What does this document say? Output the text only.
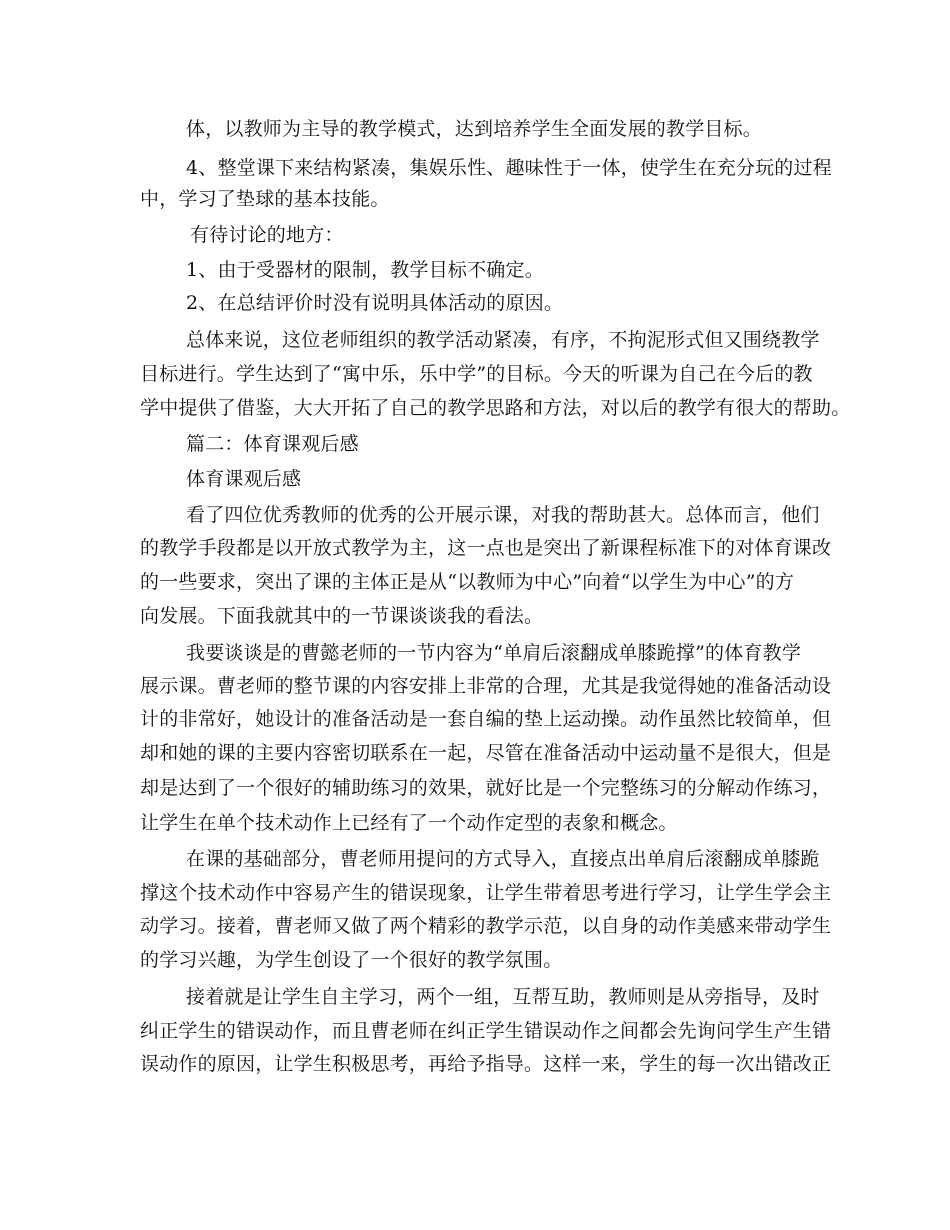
体，以教师为主导的教学模式，达到培养学生全面发展的教学目标。
4、整堂课下来结构紧凑，集娱乐性、趣味性于一体，使学生在充分玩的过程
中，学习了垫球的基本技能。
有待讨论的地方：
1、由于受器材的限制，教学目标不确定。
2、在总结评价时没有说明具体活动的原因。
总体来说，这位老师组织的教学活动紧凑，有序，不拘泥形式但又围绕教学
目标进行。学生达到了“寓中乐，乐中学”的目标。今天的听课为自己在今后的教
学中提供了借鉴，大大开拓了自己的教学思路和方法，对以后的教学有很大的帮助。
篇二：体育课观后感
体育课观后感
看了四位优秀教师的优秀的公开展示课，对我的帮助甚大。总体而言，他们
的教学手段都是以开放式教学为主，这一点也是突出了新课程标准下的对体育课改
的一些要求，突出了课的主体正是从“以教师为中心”向着“以学生为中心”的方
向发展。下面我就其中的一节课谈谈我的看法。
我要谈谈是的曹懿老师的一节内容为“单肩后滚翻成单膝跪撑”的体育教学
展示课。曹老师的整节课的内容安排上非常的合理，尤其是我觉得她的准备活动设
计的非常好，她设计的准备活动是一套自编的垫上运动操。动作虽然比较简单，但
却和她的课的主要内容密切联系在一起，尽管在准备活动中运动量不是很大，但是
却是达到了一个很好的辅助练习的效果，就好比是一个完整练习的分解动作练习，
让学生在单个技术动作上已经有了一个动作定型的表象和概念。
在课的基础部分，曹老师用提问的方式导入，直接点出单肩后滚翻成单膝跪
撑这个技术动作中容易产生的错误现象，让学生带着思考进行学习，让学生学会主
动学习。接着，曹老师又做了两个精彩的教学示范，以自身的动作美感来带动学生
的学习兴趣，为学生创设了一个很好的教学氛围。
接着就是让学生自主学习，两个一组，互帮互助，教师则是从旁指导，及时
纠正学生的错误动作，而且曹老师在纠正学生错误动作之间都会先询问学生产生错
误动作的原因，让学生积极思考，再给予指导。这样一来，学生的每一次出错改正
